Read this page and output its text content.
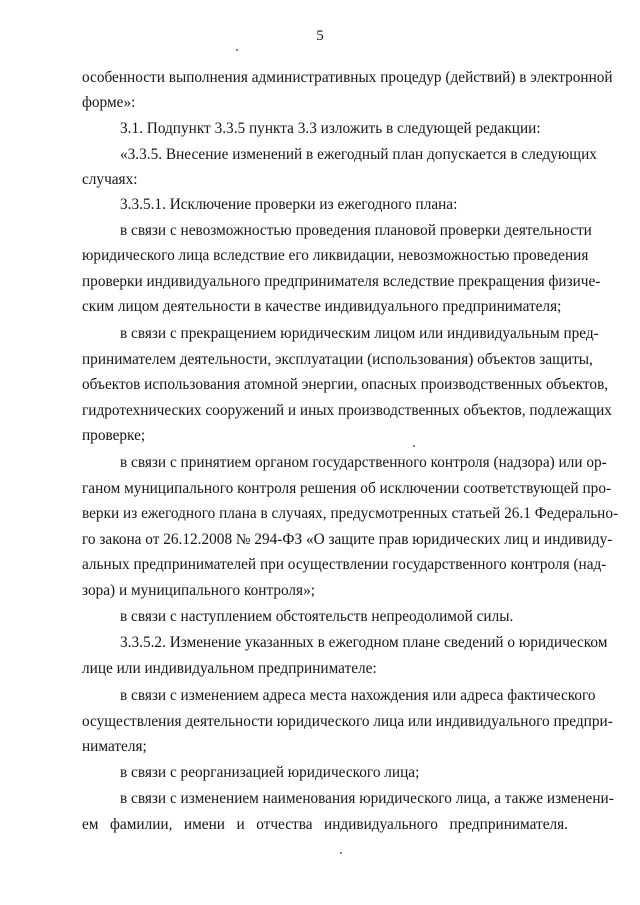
5
особенности выполнения административных процедур (действий) в электронной
форме»:
3.1. Подпункт 3.3.5 пункта 3.3 изложить в следующей редакции:
«3.3.5. Внесение изменений в ежегодный план допускается в следующих
случаях:
3.3.5.1. Исключение проверки из ежегодного плана:
в связи с невозможностью проведения плановой проверки деятельности
юридического лица вследствие его ликвидации, невозможностью проведения
проверки индивидуального предпринимателя вследствие прекращения физиче-
ским лицом деятельности в качестве индивидуального предпринимателя;
в связи с прекращением юридическим лицом или индивидуальным пред-
принимателем деятельности, эксплуатации (использования) объектов защиты,
объектов использования атомной энергии, опасных производственных объектов,
гидротехнических сооружений и иных производственных объектов, подлежащих
проверке;
в связи с принятием органом государственного контроля (надзора) или ор-
ганом муниципального контроля решения об исключении соответствующей про-
верки из ежегодного плана в случаях, предусмотренных статьей 26.1 Федерально-
го закона от 26.12.2008 № 294-ФЗ «О защите прав юридических лиц и индивиду-
альных предпринимателей при осуществлении государственного контроля (над-
зора) и муниципального контроля»;
в связи с наступлением обстоятельств непреодолимой силы.
3.3.5.2. Изменение указанных в ежегодном плане сведений о юридическом
лице или индивидуальном предпринимателе:
в связи с изменением адреса места нахождения или адреса фактического
осуществления деятельности юридического лица или индивидуального предпри-
нимателя;
в связи с реорганизацией юридического лица;
в связи с изменением наименования юридического лица, а также изменени-
ем фамилии, имени и отчества индивидуального предпринимателя.
